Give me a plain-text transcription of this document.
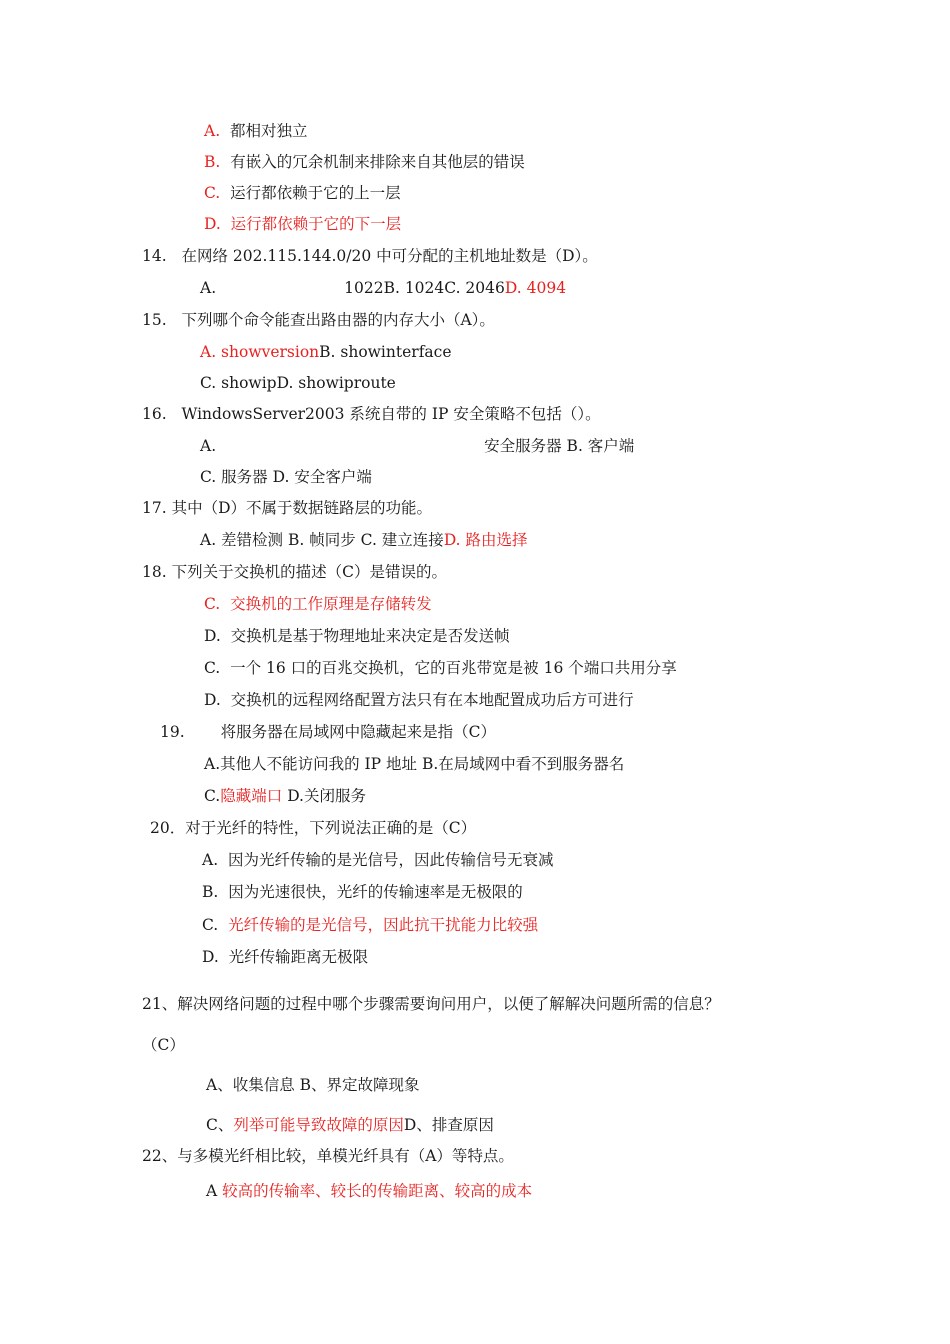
A. 都相对独立
B. 有嵌入的冗余机制来排除来自其他层的错误
C. 运行都依赖于它的上一层
D. 运行都依赖于它的下一层
14. 在网络 202.115.144.0/20 中可分配的主机地址数是（D）。
A.	1022B. 1024C. 2046D. 4094
15. 下列哪个命令能查出路由器的内存大小（A）。
A. showversionB. showinterface
C. showipD. showiproute
16. WindowsServer2003 系统自带的 IP 安全策略不包括（）。
A.	安全服务器 B. 客户端
C. 服务器 D. 安全客户端
17. 其中（D）不属于数据链路层的功能。
A. 差错检测 B. 帧同步 C. 建立连接D. 路由选择
18. 下列关于交换机的描述（C）是错误的。
C. 交换机的工作原理是存储转发
D. 交换机是基于物理地址来决定是否发送帧
C. 一个 16 口的百兆交换机，它的百兆带宽是被 16 个端口共用分享
D. 交换机的远程网络配置方法只有在本地配置成功后方可进行
19. 将服务器在局域网中隐藏起来是指（C）
A.其他人不能访问我的 IP 地址 B.在局域网中看不到服务器名
C.隐藏端口 D.关闭服务
20．对于光纤的特性，下列说法正确的是（C）
A. 因为光纤传输的是光信号，因此传输信号无衰减
B. 因为光速很快，光纤的传输速率是无极限的
C. 光纤传输的是光信号，因此抗干扰能力比较强
D. 光纤传输距离无极限
21、解决网络问题的过程中哪个步骤需要询问用户，以便了解解决问题所需的信息？
（C）
A、收集信息 B、界定故障现象
C、列举可能导致故障的原因D、排查原因
22、与多模光纤相比较，单模光纤具有（A）等特点。
A 较高的传输率、较长的传输距离、较高的成本
